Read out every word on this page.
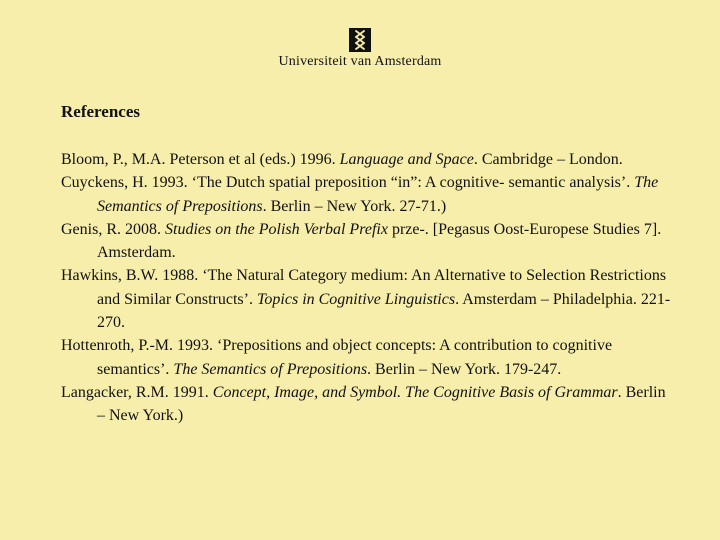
Universiteit van Amsterdam
References
Bloom, P., M.A. Peterson et al (eds.) 1996. Language and Space. Cambridge – London.
Cuyckens, H. 1993. ‘The Dutch spatial preposition “in”: A cognitive- semantic analysis’. The Semantics of Prepositions. Berlin – New York. 27-71.)
Genis, R. 2008. Studies on the Polish Verbal Prefix prze-. [Pegasus Oost-Europese Studies 7]. Amsterdam.
Hawkins, B.W. 1988. ‘The Natural Category medium: An Alternative to Selection Restrictions and Similar Constructs’. Topics in Cognitive Linguistics. Amsterdam – Philadelphia. 221-270.
Hottenroth, P.-M. 1993. ‘Prepositions and object concepts: A contribution to cognitive semantics’. The Semantics of Prepositions. Berlin – New York. 179-247.
Langacker, R.M. 1991. Concept, Image, and Symbol. The Cognitive Basis of Grammar. Berlin – New York.)
